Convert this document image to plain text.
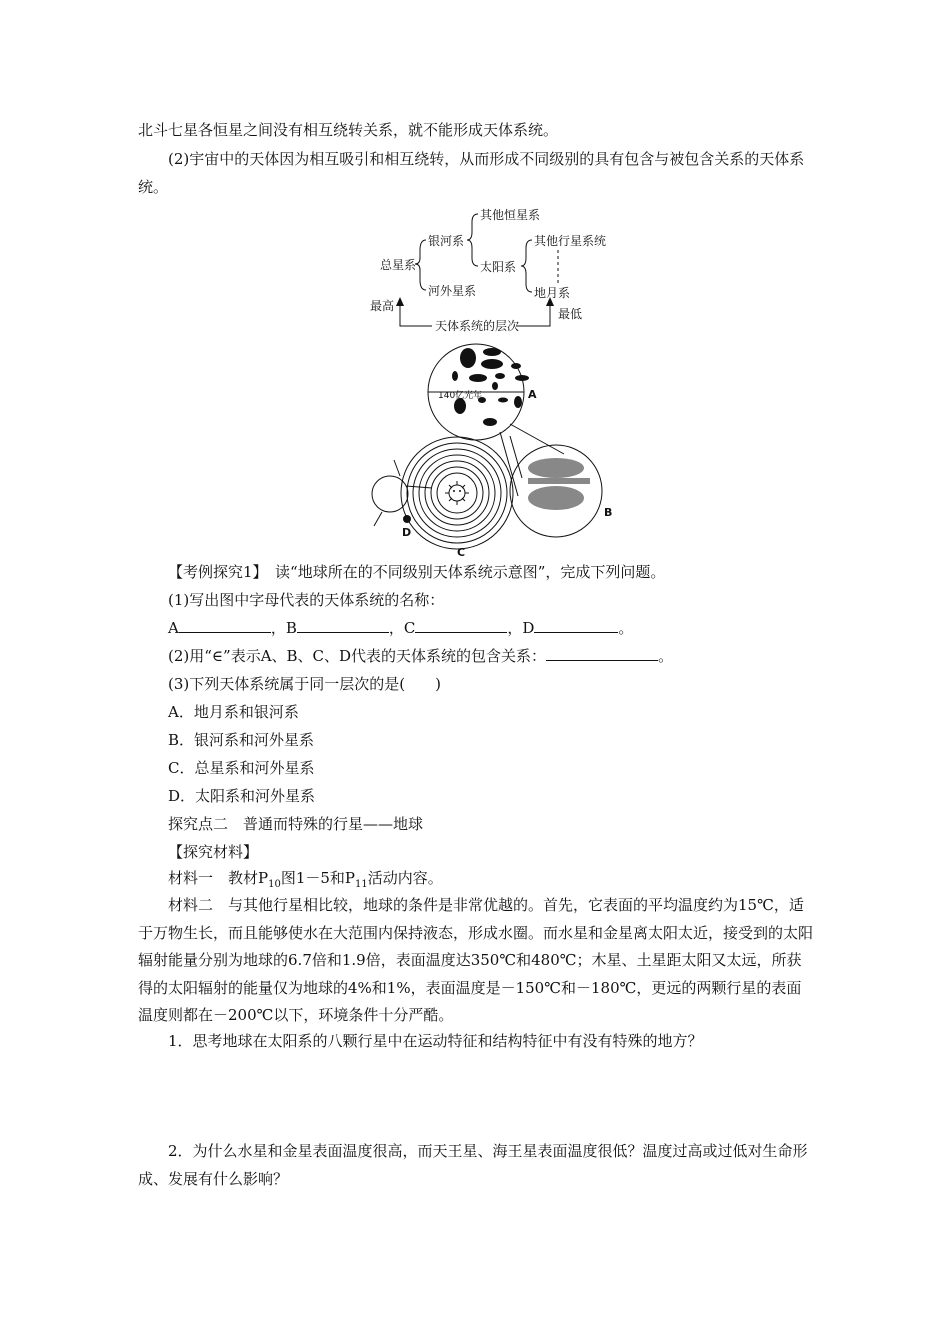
北斗七星各恒星之间没有相互绕转关系，就不能形成天体系统。
(2)宇宙中的天体因为相互吸引和相互绕转，从而形成不同级别的具有包含与被包含关系的天体系统。
总星系
银河系
河外星系
其他恒星系
太阳系
其他行星系统
地月系
最高
最低
天体系统的层次
140亿光年	A
B
C
D
【考例探究1】　读“地球所在的不同级别天体系统示意图”，完成下列问题。
(1)写出图中字母代表的天体系统的名称：
A	，B	，C	，D	。
(2)用“∈”表示A、B、C、D代表的天体系统的包含关系：	。
(3)下列天体系统属于同一层次的是(　　)
A．地月系和银河系
B．银河系和河外星系
C．总星系和河外星系
D．太阳系和河外星系
探究点二　普通而特殊的行星——地球
【探究材料】
材料一　教材$P_{10}$图1－5和$P_{11}$活动内容。
材料二　与其他行星相比较，地球的条件是非常优越的。首先，它表面的平均温度约为15℃，适于万物生长，而且能够使水在大范围内保持液态，形成水圈。而水星和金星离太阳太近，接受到的太阳辐射能量分别为地球的6.7倍和1.9倍，表面温度达350℃和480℃；木星、土星距太阳又太远，所获得的太阳辐射的能量仅为地球的4%和1%，表面温度是－150℃和－180℃，更远的两颗行星的表面温度则都在－200℃以下，环境条件十分严酷。
1．思考地球在太阳系的八颗行星中在运动特征和结构特征中有没有特殊的地方？
2．为什么水星和金星表面温度很高，而天王星、海王星表面温度很低？温度过高或过低对生命形成、发展有什么影响？
